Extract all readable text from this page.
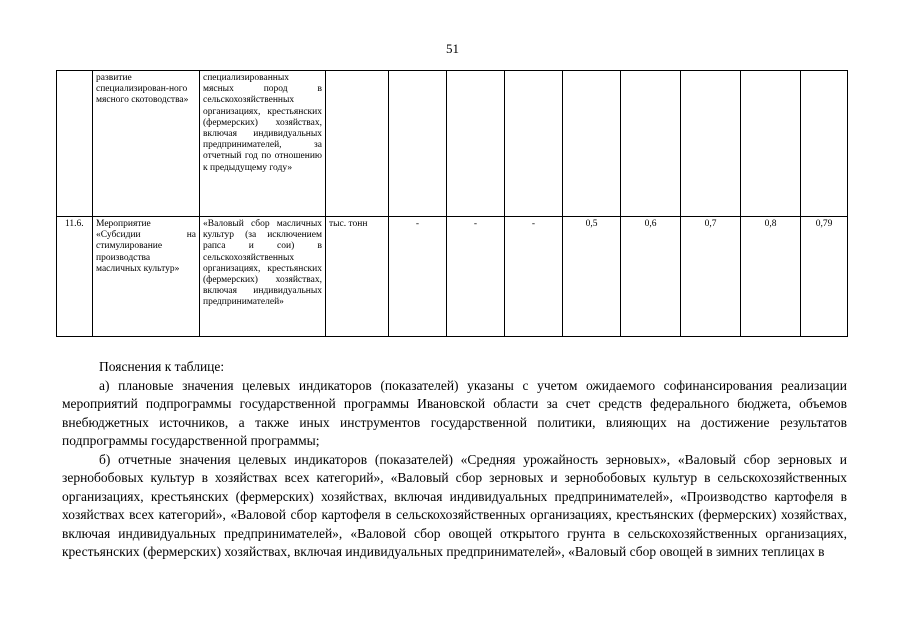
51
	развитие специализирован-ного мясного скотоводства»	специализированных мясных пород в сельскохозяйственных организациях, крестьянских (фермерских) хозяйствах, включая индивидуальных предпринимателей, за отчетный год по отношению к предыдущему году»									
11.6.	Мероприятие «Субсидии на стимулирование производства масличных культур»	«Валовый сбор масличных культур (за исключением рапса и сои) в сельскохозяйственных организациях, крестьянских (фермерских) хозяйствах, включая индивидуальных предпринимателей»	тыс. тонн	-	-	-	0,5	0,6	0,7	0,8	0,79

Пояснения к таблице:

а) плановые значения целевых индикаторов (показателей) указаны с учетом ожидаемого софинансирования реализации мероприятий подпрограммы государственной программы Ивановской области за счет средств федерального бюджета, объемов внебюджетных источников, а также иных инструментов государственной политики, влияющих на достижение результатов подпрограммы государственной программы;

б) отчетные значения целевых индикаторов (показателей) «Средняя урожайность зерновых», «Валовый сбор зерновых и зернобобовых культур в хозяйствах всех категорий», «Валовый сбор зерновых и зернобобовых культур в сельскохозяйственных организациях, крестьянских (фермерских) хозяйствах, включая индивидуальных предпринимателей», «Производство картофеля в хозяйствах всех категорий», «Валовой сбор картофеля в сельскохозяйственных организациях, крестьянских (фермерских) хозяйствах, включая индивидуальных предпринимателей», «Валовой сбор овощей открытого грунта в сельскохозяйственных организациях, крестьянских (фермерских) хозяйствах, включая индивидуальных предпринимателей», «Валовый сбор овощей в зимних теплицах в
